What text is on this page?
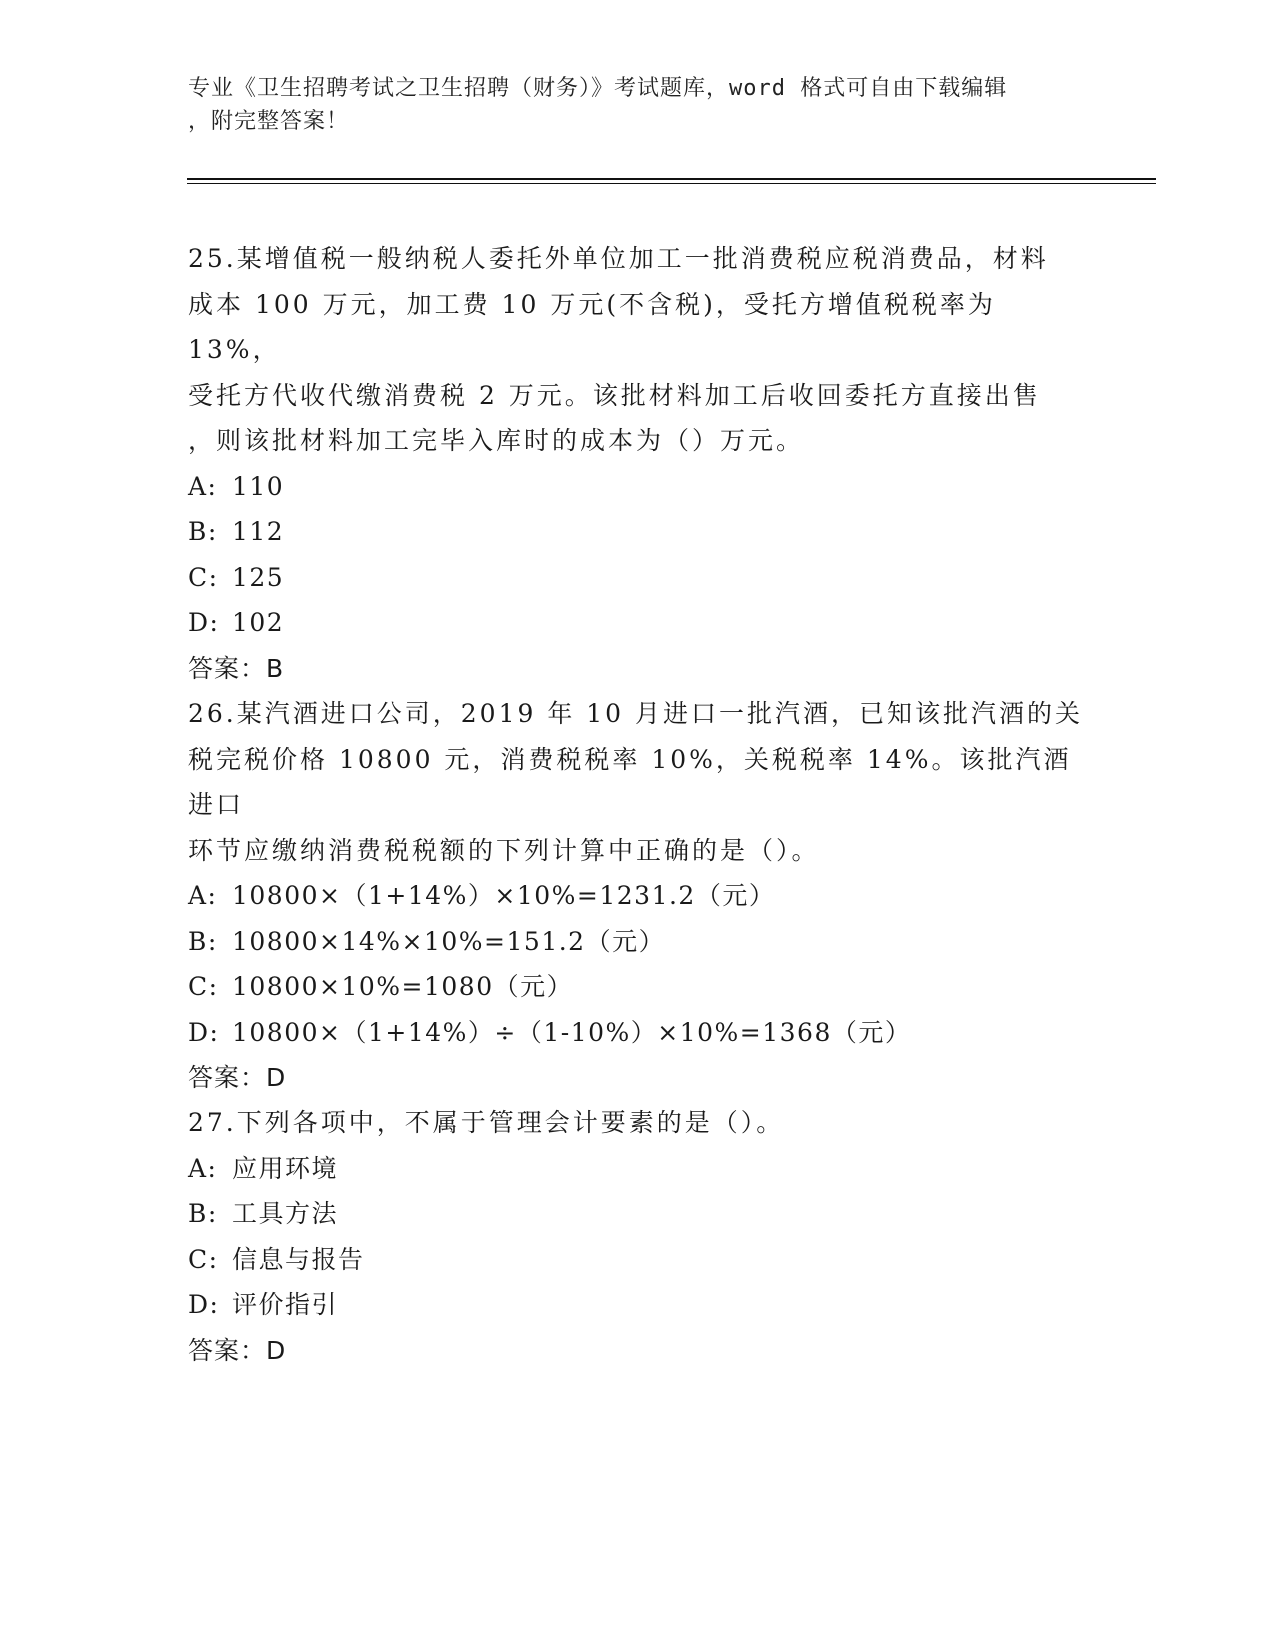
专业《卫生招聘考试之卫生招聘（财务）》考试题库，word 格式可自由下载编辑
，附完整答案！

25.某增值税一般纳税人委托外单位加工一批消费税应税消费品，材料
成本 100 万元，加工费 10 万元(不含税)，受托方增值税税率为 13%，
受托方代收代缴消费税 2 万元。该批材料加工后收回委托方直接出售
，则该批材料加工完毕入库时的成本为（）万元。

A: 110

B: 112

C: 125

D: 102

答案：B

26.某汽酒进口公司，2019 年 10 月进口一批汽酒，已知该批汽酒的关
税完税价格 10800 元，消费税税率 10%，关税税率 14%。该批汽酒进口
环节应缴纳消费税税额的下列计算中正确的是（）。

A: 10800×（1+14%）×10%=1231.2（元）

B: 10800×14%×10%=151.2（元）

C: 10800×10%=1080（元）

D: 10800×（1+14%）÷（1-10%）×10%=1368（元）

答案：D

27.下列各项中，不属于管理会计要素的是（）。

A: 应用环境

B: 工具方法

C: 信息与报告

D: 评价指引

答案：D
